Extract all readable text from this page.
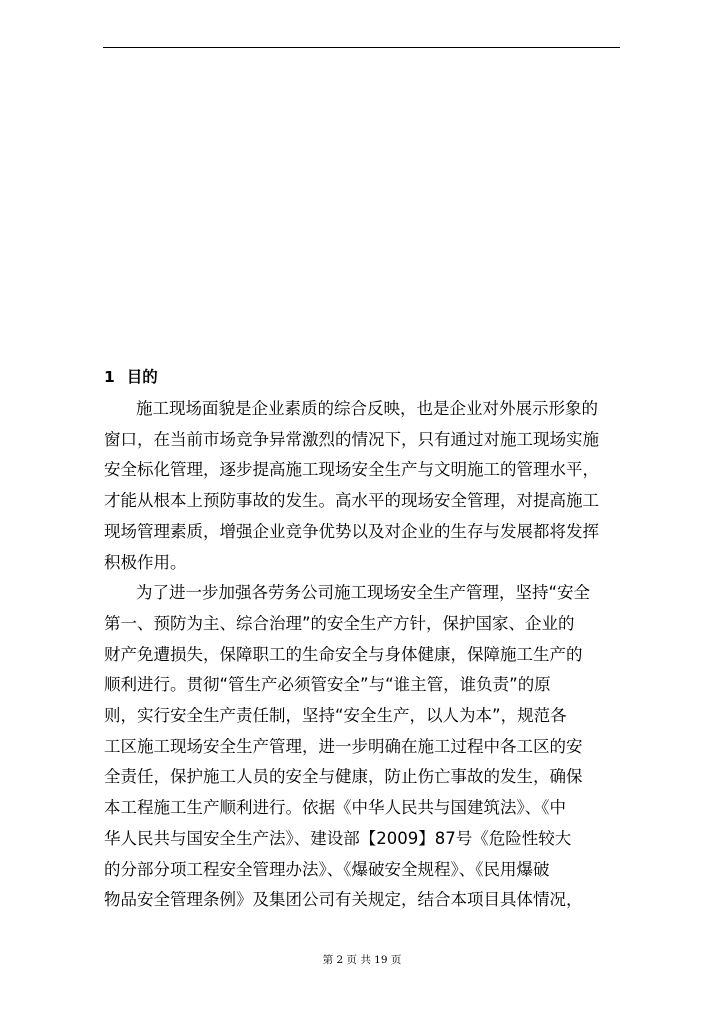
1 目的
施工现场面貌是企业素质的综合反映，也是企业对外展示形象的
窗口，在当前市场竞争异常激烈的情况下，只有通过对施工现场实施
安全标化管理，逐步提高施工现场安全生产与文明施工的管理水平，
才能从根本上预防事故的发生。高水平的现场安全管理，对提高施工
现场管理素质，增强企业竞争优势以及对企业的生存与发展都将发挥
积极作用。
为了进一步加强各劳务公司施工现场安全生产管理，坚持“安全
第一、预防为主、综合治理”的安全生产方针，保护国家、企业的
财产免遭损失，保障职工的生命安全与身体健康，保障施工生产的
顺利进行。贯彻“管生产必须管安全”与“谁主管，谁负责”的原
则，实行安全生产责任制，坚持“安全生产，以人为本”，规范各
工区施工现场安全生产管理，进一步明确在施工过程中各工区的安
全责任，保护施工人员的安全与健康，防止伤亡事故的发生，确保
本工程施工生产顺利进行。依据《中华人民共与国建筑法》、《中
华人民共与国安全生产法》、建设部【2009】87号《危险性较大
的分部分项工程安全管理办法》、《爆破安全规程》、《民用爆破
物品安全管理条例》及集团公司有关规定，结合本项目具体情况，
第 2 页 共 19 页
